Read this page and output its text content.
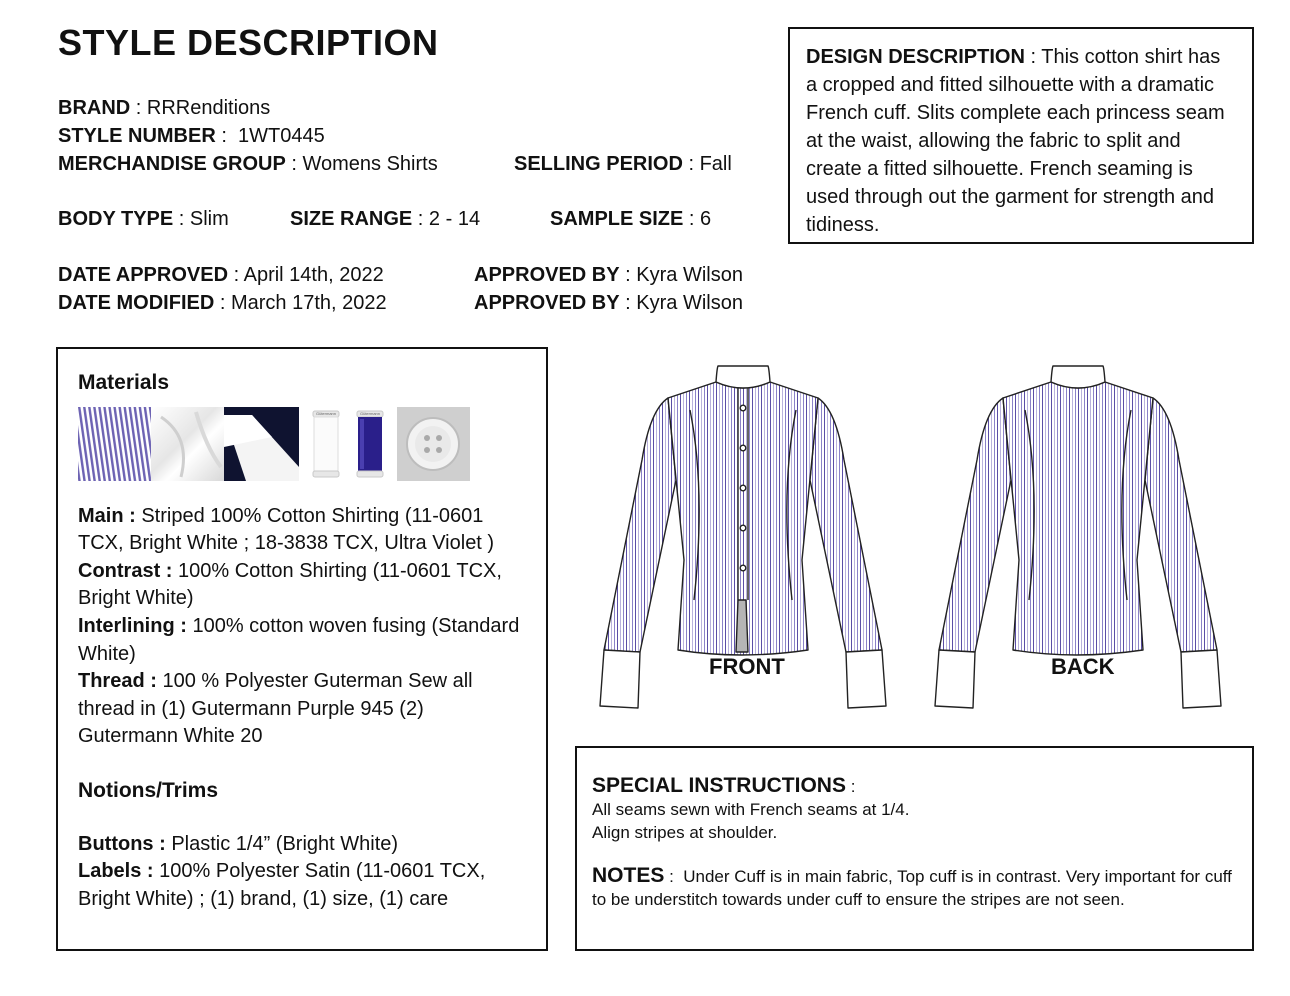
STYLE DESCRIPTION
BRAND : RRRenditions
STYLE NUMBER :  1WT0445
MERCHANDISE GROUP : Womens Shirts	SELLING PERIOD : Fall
BODY TYPE : Slim	SIZE RANGE : 2 - 14	SAMPLE SIZE : 6
DATE APPROVED : April 14th, 2022
DATE MODIFIED : March 17th, 2022
APPROVED BY : Kyra Wilson
APPROVED BY : Kyra Wilson
DESIGN DESCRIPTION : This cotton shirt has a cropped and fitted silhouette with a dramatic French cuff. Slits complete each princess seam at the waist, allowing the fabric to split and create a fitted silhouette. French seaming is used through out the garment for strength and tidiness.
Materials
Gütermann	Gütermann

Main : Striped 100% Cotton Shirting (11-0601 TCX, Bright White ; 18-3838 TCX, Ultra Violet )

Contrast : 100% Cotton Shirting (11-0601 TCX, Bright White)

Interlining : 100% cotton woven fusing (Standard White)

Thread : 100 % Polyester Guterman Sew all thread in (1) Gutermann Purple 945 (2) Gutermann White 20

Notions/Trims

Buttons : Plastic 1/4” (Bright White)

Labels : 100% Polyester Satin (11-0601 TCX, Bright White) ; (1) brand, (1) size, (1) care

FRONT	BACK
SPECIAL INSTRUCTIONS :
All seams sewn with French seams at 1/4.
Align stripes at shoulder.
NOTES :  Under Cuff is in main fabric, Top cuff is in contrast. Very important for cuff to be understitch towards under cuff to ensure the stripes are not seen.
